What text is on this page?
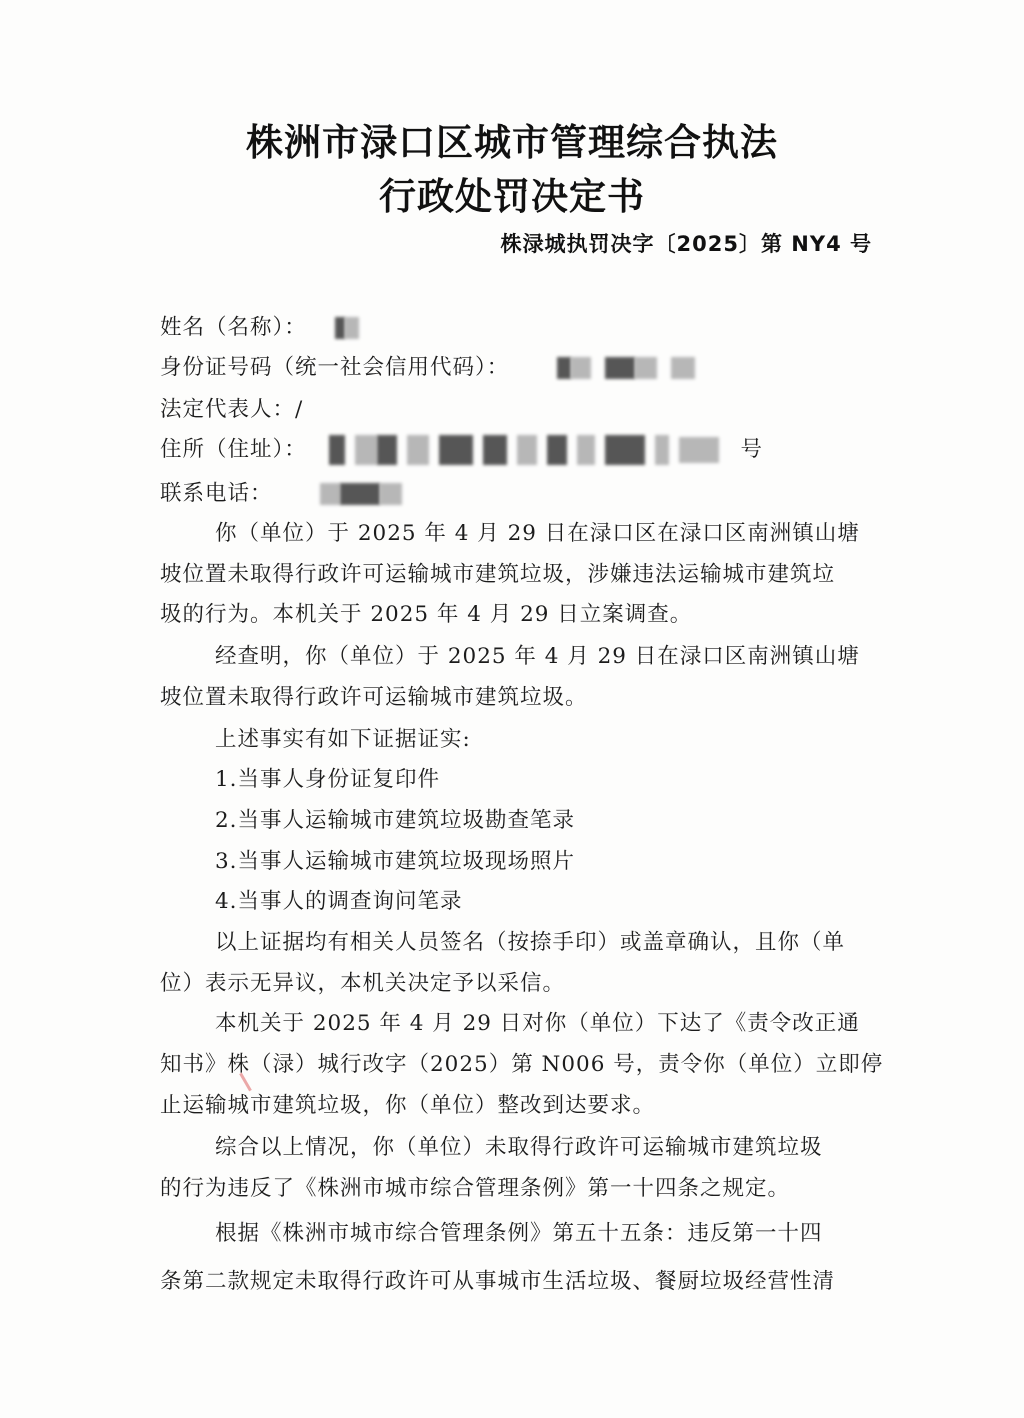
株洲市渌口区城市管理综合执法
行政处罚决定书
株渌城执罚决字〔2025〕第 NY4 号
姓名（名称）：
身份证号码（统一社会信用代码）：
法定代表人：/
住所（住址）：	号
联系电话：
你（单位）于 2025 年 4 月 29 日在渌口区在渌口区南洲镇山塘
坡位置未取得行政许可运输城市建筑垃圾，涉嫌违法运输城市建筑垃
圾的行为。本机关于 2025 年 4 月 29 日立案调查。
经查明，你（单位）于 2025 年 4 月 29 日在渌口区南洲镇山塘
坡位置未取得行政许可运输城市建筑垃圾。
上述事实有如下证据证实:
1.当事人身份证复印件
2.当事人运输城市建筑垃圾勘查笔录
3.当事人运输城市建筑垃圾现场照片
4.当事人的调查询问笔录
以上证据均有相关人员签名（按捺手印）或盖章确认，且你（单
位）表示无异议，本机关决定予以采信。
本机关于 2025 年 4 月 29 日对你（单位）下达了《责令改正通
知书》株（渌）城行改字（2025）第 N006 号，责令你（单位）立即停
止运输城市建筑垃圾，你（单位）整改到达要求。
综合以上情况，你（单位）未取得行政许可运输城市建筑垃圾
的行为违反了《株洲市城市综合管理条例》第一十四条之规定。
根据《株洲市城市综合管理条例》第五十五条：违反第一十四
条第二款规定未取得行政许可从事城市生活垃圾、餐厨垃圾经营性清
